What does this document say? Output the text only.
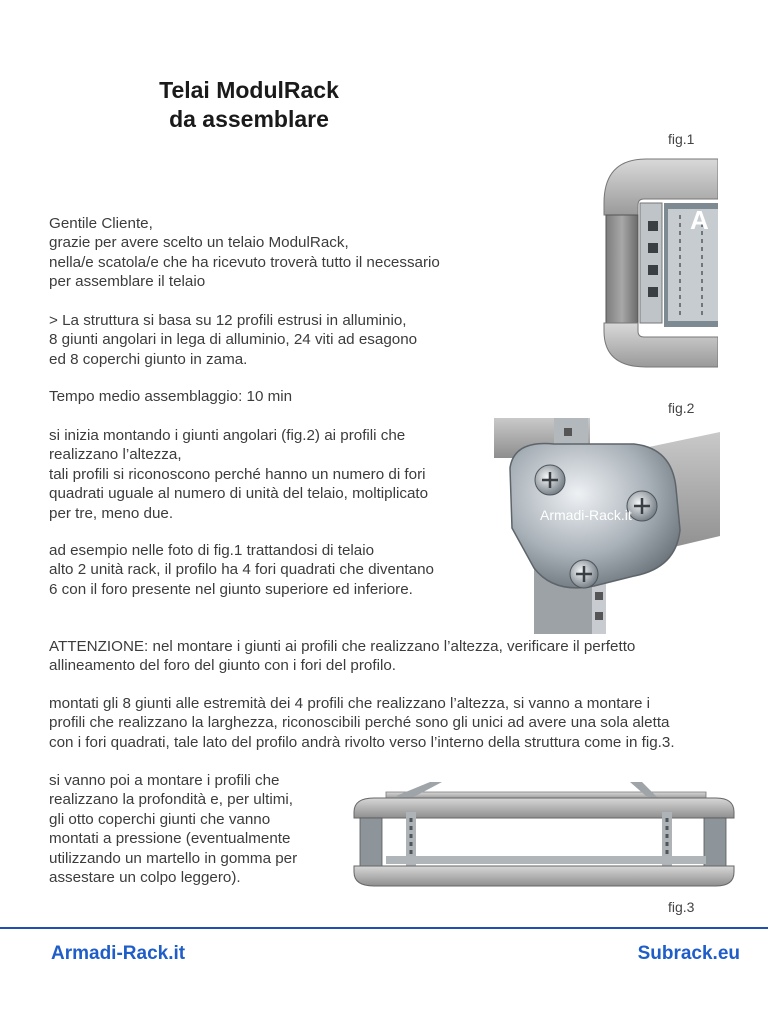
Telai ModulRack
da assemblare
Gentile Cliente,
grazie per avere scelto un telaio ModulRack,
nella/e scatola/e che ha ricevuto troverà tutto il necessario
per assemblare il telaio
> La struttura si basa su 12 profili estrusi in alluminio,
8 giunti angolari in lega di alluminio, 24 viti ad esagono
ed 8 coperchi giunto in zama.
Tempo medio assemblaggio: 10 min
si inizia montando i giunti angolari (fig.2) ai profili che
realizzano l’altezza,
tali profili si riconoscono perché hanno un numero di fori
quadrati uguale al numero di unità del telaio, moltiplicato
per tre, meno due.
ad esempio nelle foto di fig.1 trattandosi di telaio
alto 2 unità rack, il profilo ha 4 fori quadrati che diventano
6 con il foro presente nel giunto superiore ed inferiore.
ATTENZIONE: nel montare i giunti ai profili che realizzano l’altezza, verificare il perfetto
allineamento del foro del giunto con i fori del profilo.
montati gli 8 giunti alle estremità dei 4 profili che realizzano l’altezza, si vanno a montare i
profili che realizzano la larghezza, riconoscibili perché sono gli unici ad avere una sola aletta
con i fori quadrati, tale lato del profilo andrà rivolto verso l’interno della struttura come in fig.3.
si vanno poi a montare i profili che
realizzano la profondità e, per ultimi,
gli otto coperchi giunti che vanno
montati a pressione (eventualmente
utilizzando un martello in gomma per
assestare un colpo leggero).
fig.1
fig.2
fig.3
A
Armadi-Rack.it
Armadi-Rack.it	Subrack.eu
